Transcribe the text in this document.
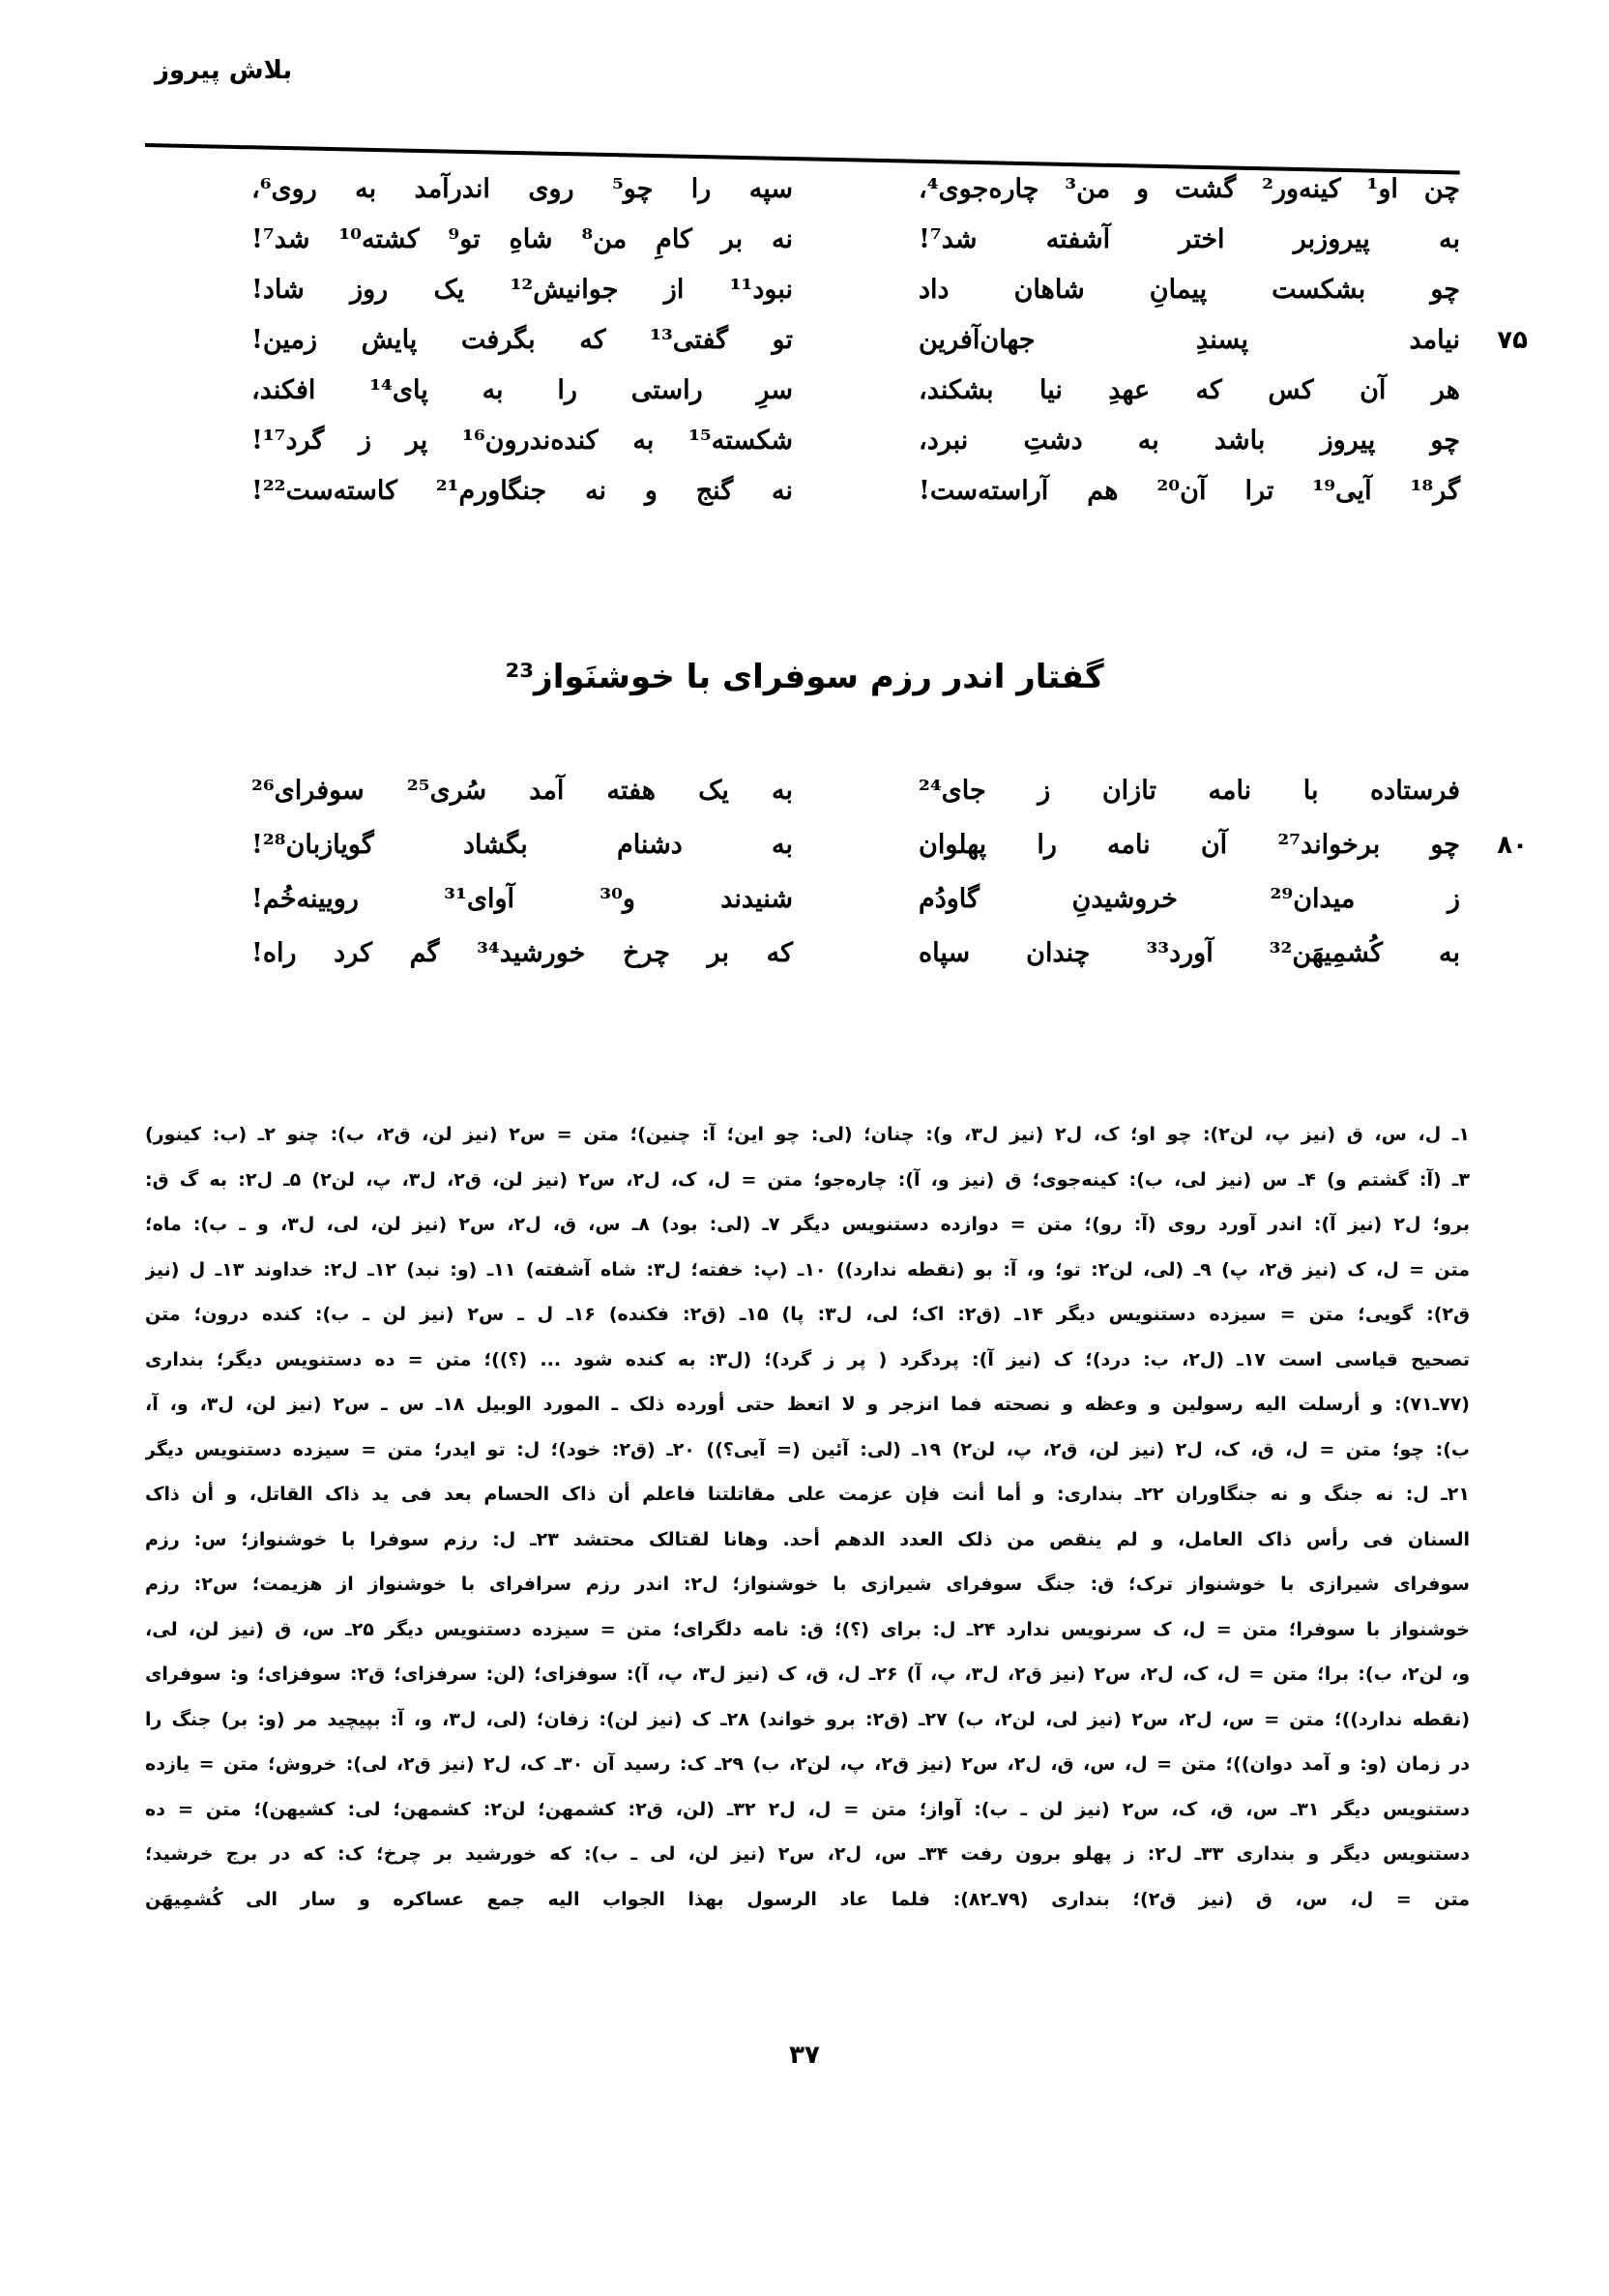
بلاش پیروز
چن او¹ کینه‌ور² گشت و من³ چاره‌جوی⁴،
به پیروزبر اختر آشفته شد⁷!
چو بشکست پیمانِ شاهان داد
۷۵
نیامد پسندِ جهان‌آفرین
هر آن کس که عهدِ نیا بشکند،
چو پیروز باشد به دشتِ نبرد،
گر¹⁸ آیی¹⁹ ترا آن²⁰ هم آراسته‌ست!
سپه را چو⁵ روی اندرآمد به روی⁶،
نه بر کامِ من⁸ شاهِ تو⁹ کشته¹⁰ شد⁷!
نبود¹¹ از جوانیش¹² یک روز شاد!
تو گفتی¹³ که بگرفت پایش زمین!
سرِ راستی را به پای¹⁴ افکند،
شکسته¹⁵ به کنده‌ندرون¹⁶ پر ز گرد¹⁷!
نه گنج و نه جنگاورم²¹ کاسته‌ست²²!
گفتار اندر رزم سوفرای با خوشنَواز²³
فرستاده با نامه تازان ز جای²⁴
۸۰
چو برخواند²⁷ آن نامه را پهلوان
ز میدان²⁹ خروشیدنِ گاودُم
به کُشمِیهَن³² آورد³³ چندان سپاه
به یک هفته آمد سُری²⁵ سوفرای²⁶
به دشنام بگشاد گویازبان²⁸!
شنیدند و³⁰ آوای³¹ رویینه‌خُم!
که بر چرخ خورشید³⁴ گم کرد راه!

۱ـ ل، س، ق (نیز پ، لن۲): چو او؛ ک، ل۲ (نیز ل۳، و): چنان؛ (لی: چو این؛ آ: چنین)؛ متن = س۲ (نیز لن، ق۲، ب): چنو ۲ـ (ب: کینور)

۳ـ (آ: گشتم و) ۴ـ س (نیز لی، ب): کینه‌جوی؛ ق (نیز و، آ): چاره‌جو؛ متن = ل، ک، ل۲، س۲ (نیز لن، ق۲، ل۳، پ، لن۲) ۵ـ ل۲: به گ ق:

برو؛ ل۲ (نیز آ): اندر آورد روی (آ: رو)؛ متن = دوازده دستنویس دیگر ۷ـ (لی: بود) ۸ـ س، ق، ل۲، س۲ (نیز لن، لی، ل۳، و ـ ب): ماه؛

متن = ل، ک (نیز ق۲، پ) ۹ـ (لی، لن۲: تو؛ و، آ: بو (نقطه ندارد)) ۱۰ـ (پ: خفته؛ ل۳: شاه آشفته) ۱۱ـ (و: نبد) ۱۲ـ ل۲: خداوند ۱۳ـ ل (نیز

ق۲): گویی؛ متن = سیزده دستنویس دیگر ۱۴ـ (ق۲: اک؛ لی، ل۳: پا) ۱۵ـ (ق۲: فکنده) ۱۶ـ ل ـ س۲ (نیز لن ـ ب): کنده درون؛ متن

تصحیح قیاسی است ۱۷ـ (ل۲، ب: درد)؛ ک (نیز آ): پردگرد ( پر ز گرد)؛ (ل۳: به کنده شود ... (؟))؛ متن = ده دستنویس دیگر؛ بنداری

(۷۷ـ۷۱): و أرسلت الیه رسولین و وعظه و نصحته فما انزجر و لا اتعظ حتی أورده ذلک ـ المورد الوبیل ۱۸ـ س ـ س۲ (نیز لن، ل۳، و، آ،

ب): چو؛ متن = ل، ق، ک، ل۲ (نیز لن، ق۲، پ، لن۲) ۱۹ـ (لی: آئین (= آیی؟)) ۲۰ـ (ق۲: خود)؛ ل: تو ایدر؛ متن = سیزده دستنویس دیگر

۲۱ـ ل: نه جنگ و نه جنگاوران ۲۲ـ بنداری: و أما أنت فإن عزمت علی مقاتلتنا فاعلم أن ذاک الحسام بعد فی ید ذاک القاتل، و أن ذاک

السنان فی رأس ذاک العامل، و لم ینقص من ذلک العدد الدهم أحد. وهانا لقتالک محتشد ۲۳ـ ل: رزم سوفرا با خوشنواز؛ س: رزم

سوفرای شیرازی با خوشنواز ترک؛ ق: جنگ سوفرای شیرازی با خوشنواز؛ ل۲: اندر رزم سرافرای با خوشنواز از هزیمت؛ س۲: رزم

خوشنواز با سوفرا؛ متن = ل، ک سرنویس ندارد ۲۴ـ ل: برای (؟)؛ ق: نامه دلگرای؛ متن = سیزده دستنویس دیگر ۲۵ـ س، ق (نیز لن، لی،

و، لن۲، ب): برا؛ متن = ل، ک، ل۲، س۲ (نیز ق۲، ل۳، پ، آ) ۲۶ـ ل، ق، ک (نیز ل۳، پ، آ): سوفزای؛ (لن: سرفزای؛ ق۲: سوفزای؛ و: سوفرای

(نقطه ندارد))؛ متن = س، ل۲، س۲ (نیز لی، لن۲، ب) ۲۷ـ (ق۲: برو خواند) ۲۸ـ ک (نیز لن): زفان؛ (لی، ل۳، و، آ: بپیچید مر (و: بر) جنگ را

در زمان (و: و آمد دوان))؛ متن = ل، س، ق، ل۲، س۲ (نیز ق۲، پ، لن۲، ب) ۲۹ـ ک: رسید آن ۳۰ـ ک، ل۲ (نیز ق۲، لی): خروش؛ متن = یازده

دستنویس دیگر ۳۱ـ س، ق، ک، س۲ (نیز لن ـ ب): آواز؛ متن = ل، ل۲ ۳۲ـ (لن، ق۲: کشمهن؛ لن۲: کشمهن؛ لی: کشیهن)؛ متن = ده

دستنویس دیگر و بنداری ۳۳ـ ل۲: ز پهلو برون رفت ۳۴ـ س، ل۲، س۲ (نیز لن، لی ـ ب): که خورشید بر چرخ؛ ک: که در برج خرشید؛

متن = ل، س، ق (نیز ق۲)؛ بنداری (۷۹ـ۸۲): فلما عاد الرسول بهذا الجواب الیه جمع عساکره و سار الی کُشمِیهَن

۳۷
